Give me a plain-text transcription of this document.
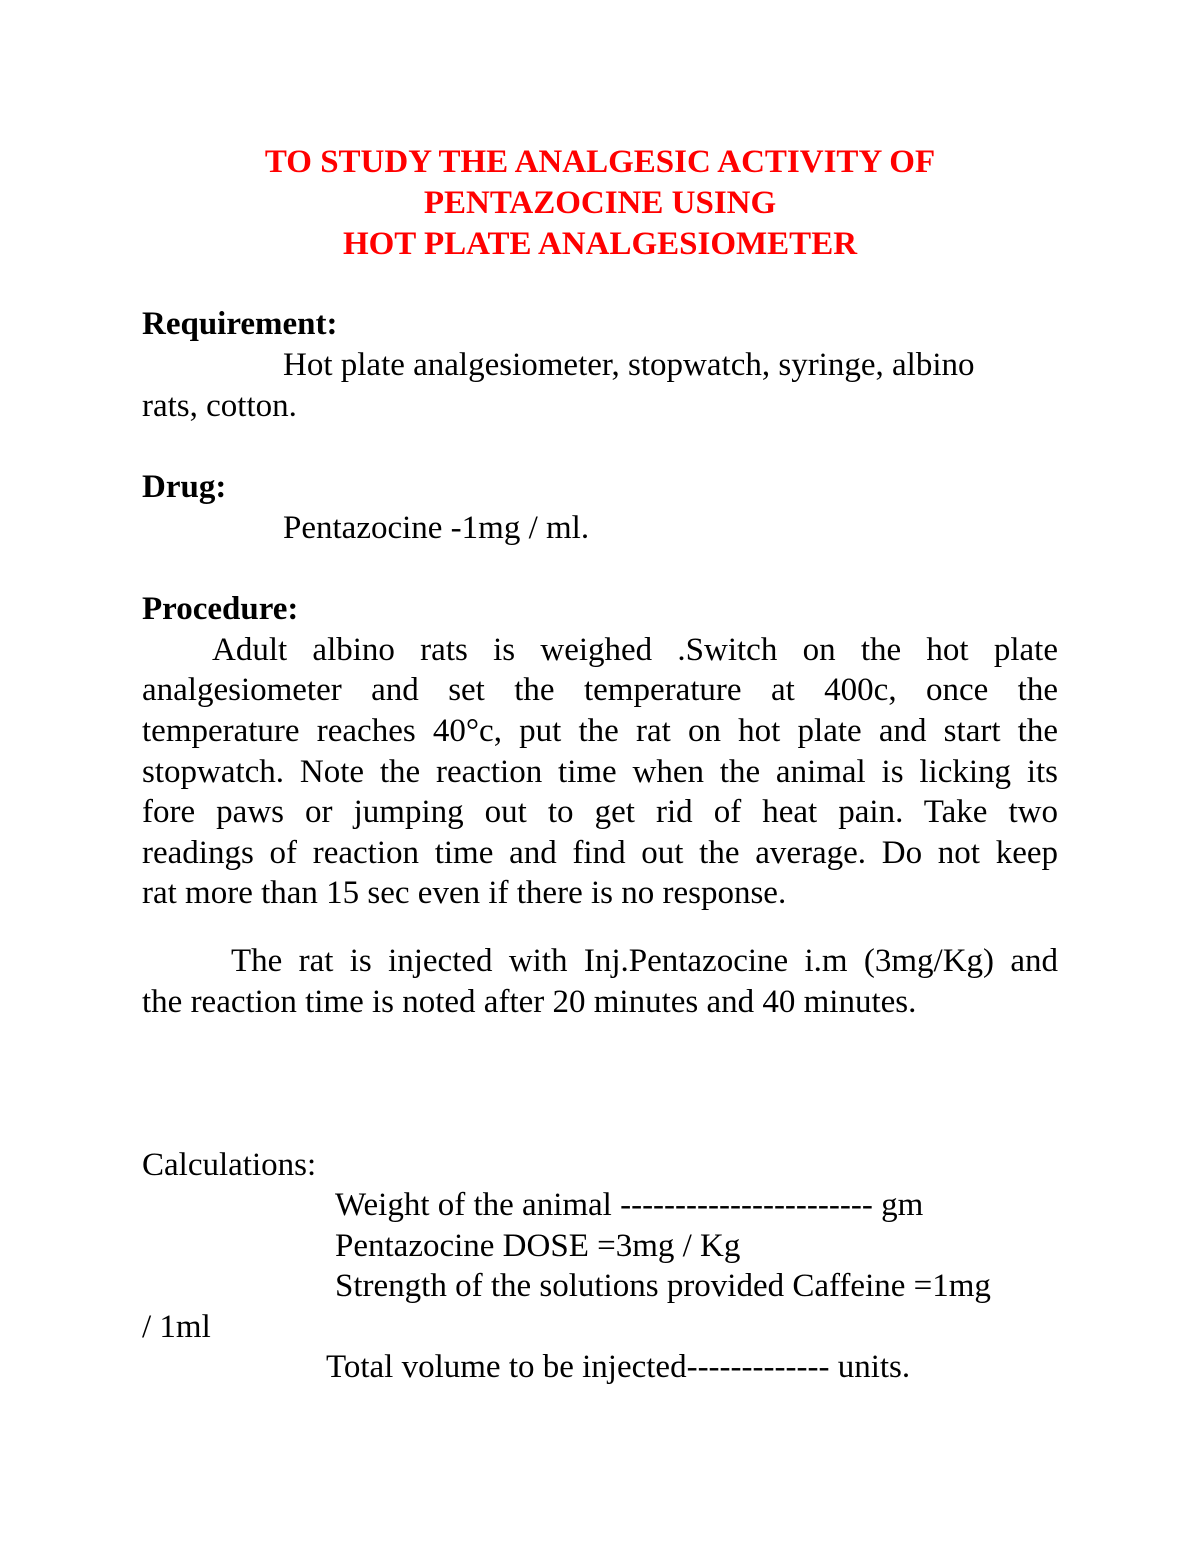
TO STUDY THE ANALGESIC ACTIVITY OF
PENTAZOCINE USING
HOT PLATE ANALGESIOMETER
Requirement:
Hot plate analgesiometer, stopwatch, syringe, albino
rats, cotton.
Drug:
Pentazocine -1mg / ml.
Procedure:
Adult albino rats is weighed .Switch on the hot plate
analgesiometer and set the temperature at 400c, once the
temperature reaches 40°c, put the rat on hot plate and start the
stopwatch. Note the reaction time when the animal is licking its
fore paws or jumping out to get rid of heat pain. Take two
readings of reaction time and find out the average. Do not keep
rat more than 15 sec even if there is no response.
The rat is injected with Inj.Pentazocine i.m (3mg/Kg) and
the reaction time is noted after 20 minutes and 40 minutes.
Calculations:
Weight of the animal ----------------------- gm
Pentazocine DOSE =3mg / Kg
Strength of the solutions provided Caffeine =1mg
/ 1ml
Total volume to be injected------------- units.
